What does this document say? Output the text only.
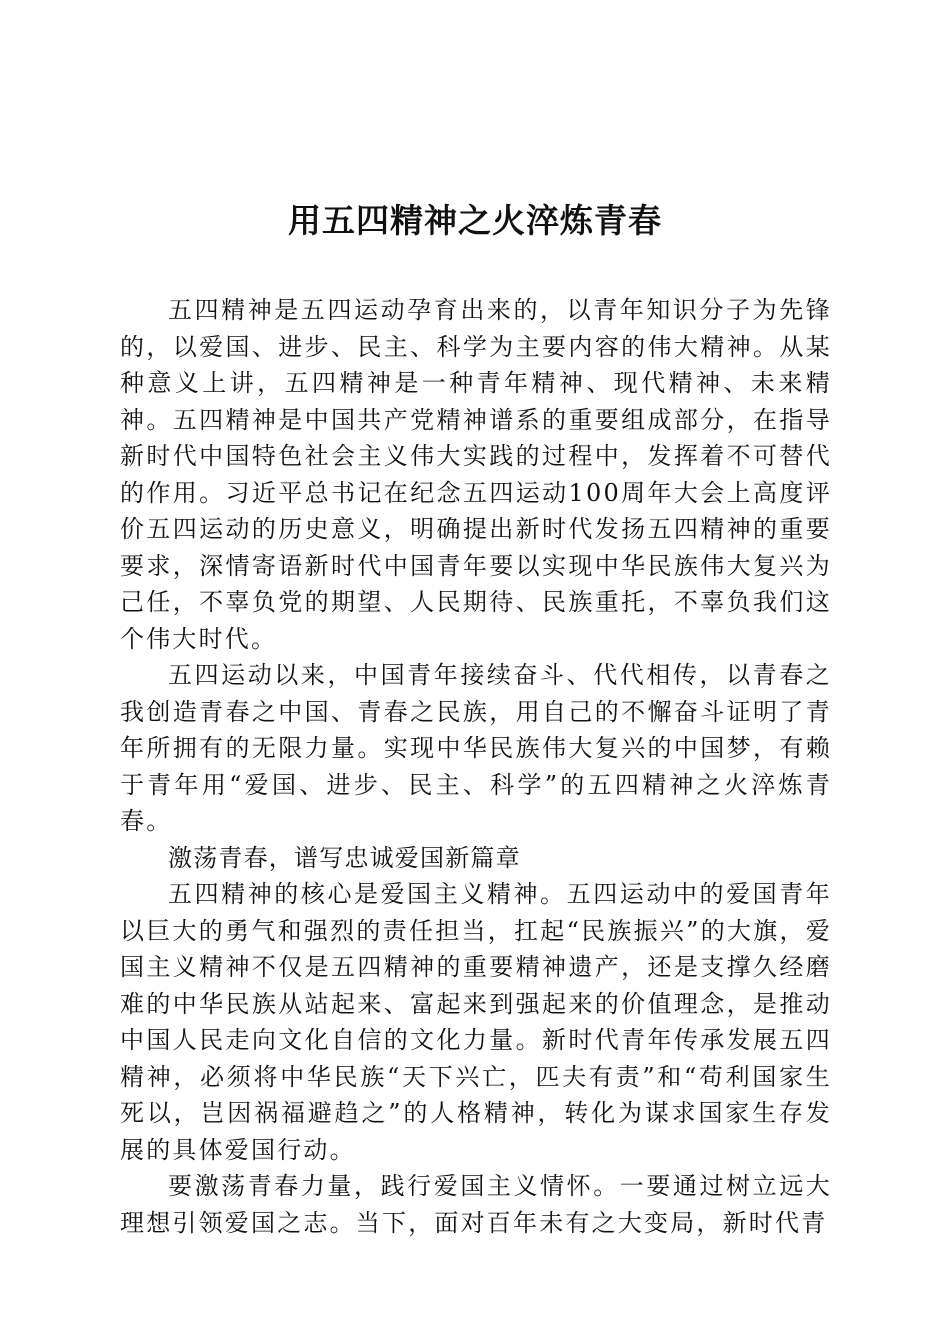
用五四精神之火淬炼青春

五四精神是五四运动孕育出来的，以青年知识分子为先锋的，以爱国、进步、民主、科学为主要内容的伟大精神。从某种意义上讲，五四精神是一种青年精神、现代精神、未来精神。五四精神是中国共产党精神谱系的重要组成部分，在指导新时代中国特色社会主义伟大实践的过程中，发挥着不可替代的作用。习近平总书记在纪念五四运动100周年大会上高度评价五四运动的历史意义，明确提出新时代发扬五四精神的重要要求，深情寄语新时代中国青年要以实现中华民族伟大复兴为己任，不辜负党的期望、人民期待、民族重托，不辜负我们这个伟大时代。

五四运动以来，中国青年接续奋斗、代代相传，以青春之我创造青春之中国、青春之民族，用自己的不懈奋斗证明了青年所拥有的无限力量。实现中华民族伟大复兴的中国梦，有赖于青年用“爱国、进步、民主、科学”的五四精神之火淬炼青春。

激荡青春，谱写忠诚爱国新篇章

五四精神的核心是爱国主义精神。五四运动中的爱国青年以巨大的勇气和强烈的责任担当，扛起“民族振兴”的大旗，爱国主义精神不仅是五四精神的重要精神遗产，还是支撑久经磨难的中华民族从站起来、富起来到强起来的价值理念，是推动中国人民走向文化自信的文化力量。新时代青年传承发展五四精神，必须将中华民族“天下兴亡，匹夫有责”和“苟利国家生死以，岂因祸福避趋之”的人格精神，转化为谋求国家生存发展的具体爱国行动。

要激荡青春力量，践行爱国主义情怀。一要通过树立远大理想引领爱国之志。当下，面对百年未有之大变局，新时代青
